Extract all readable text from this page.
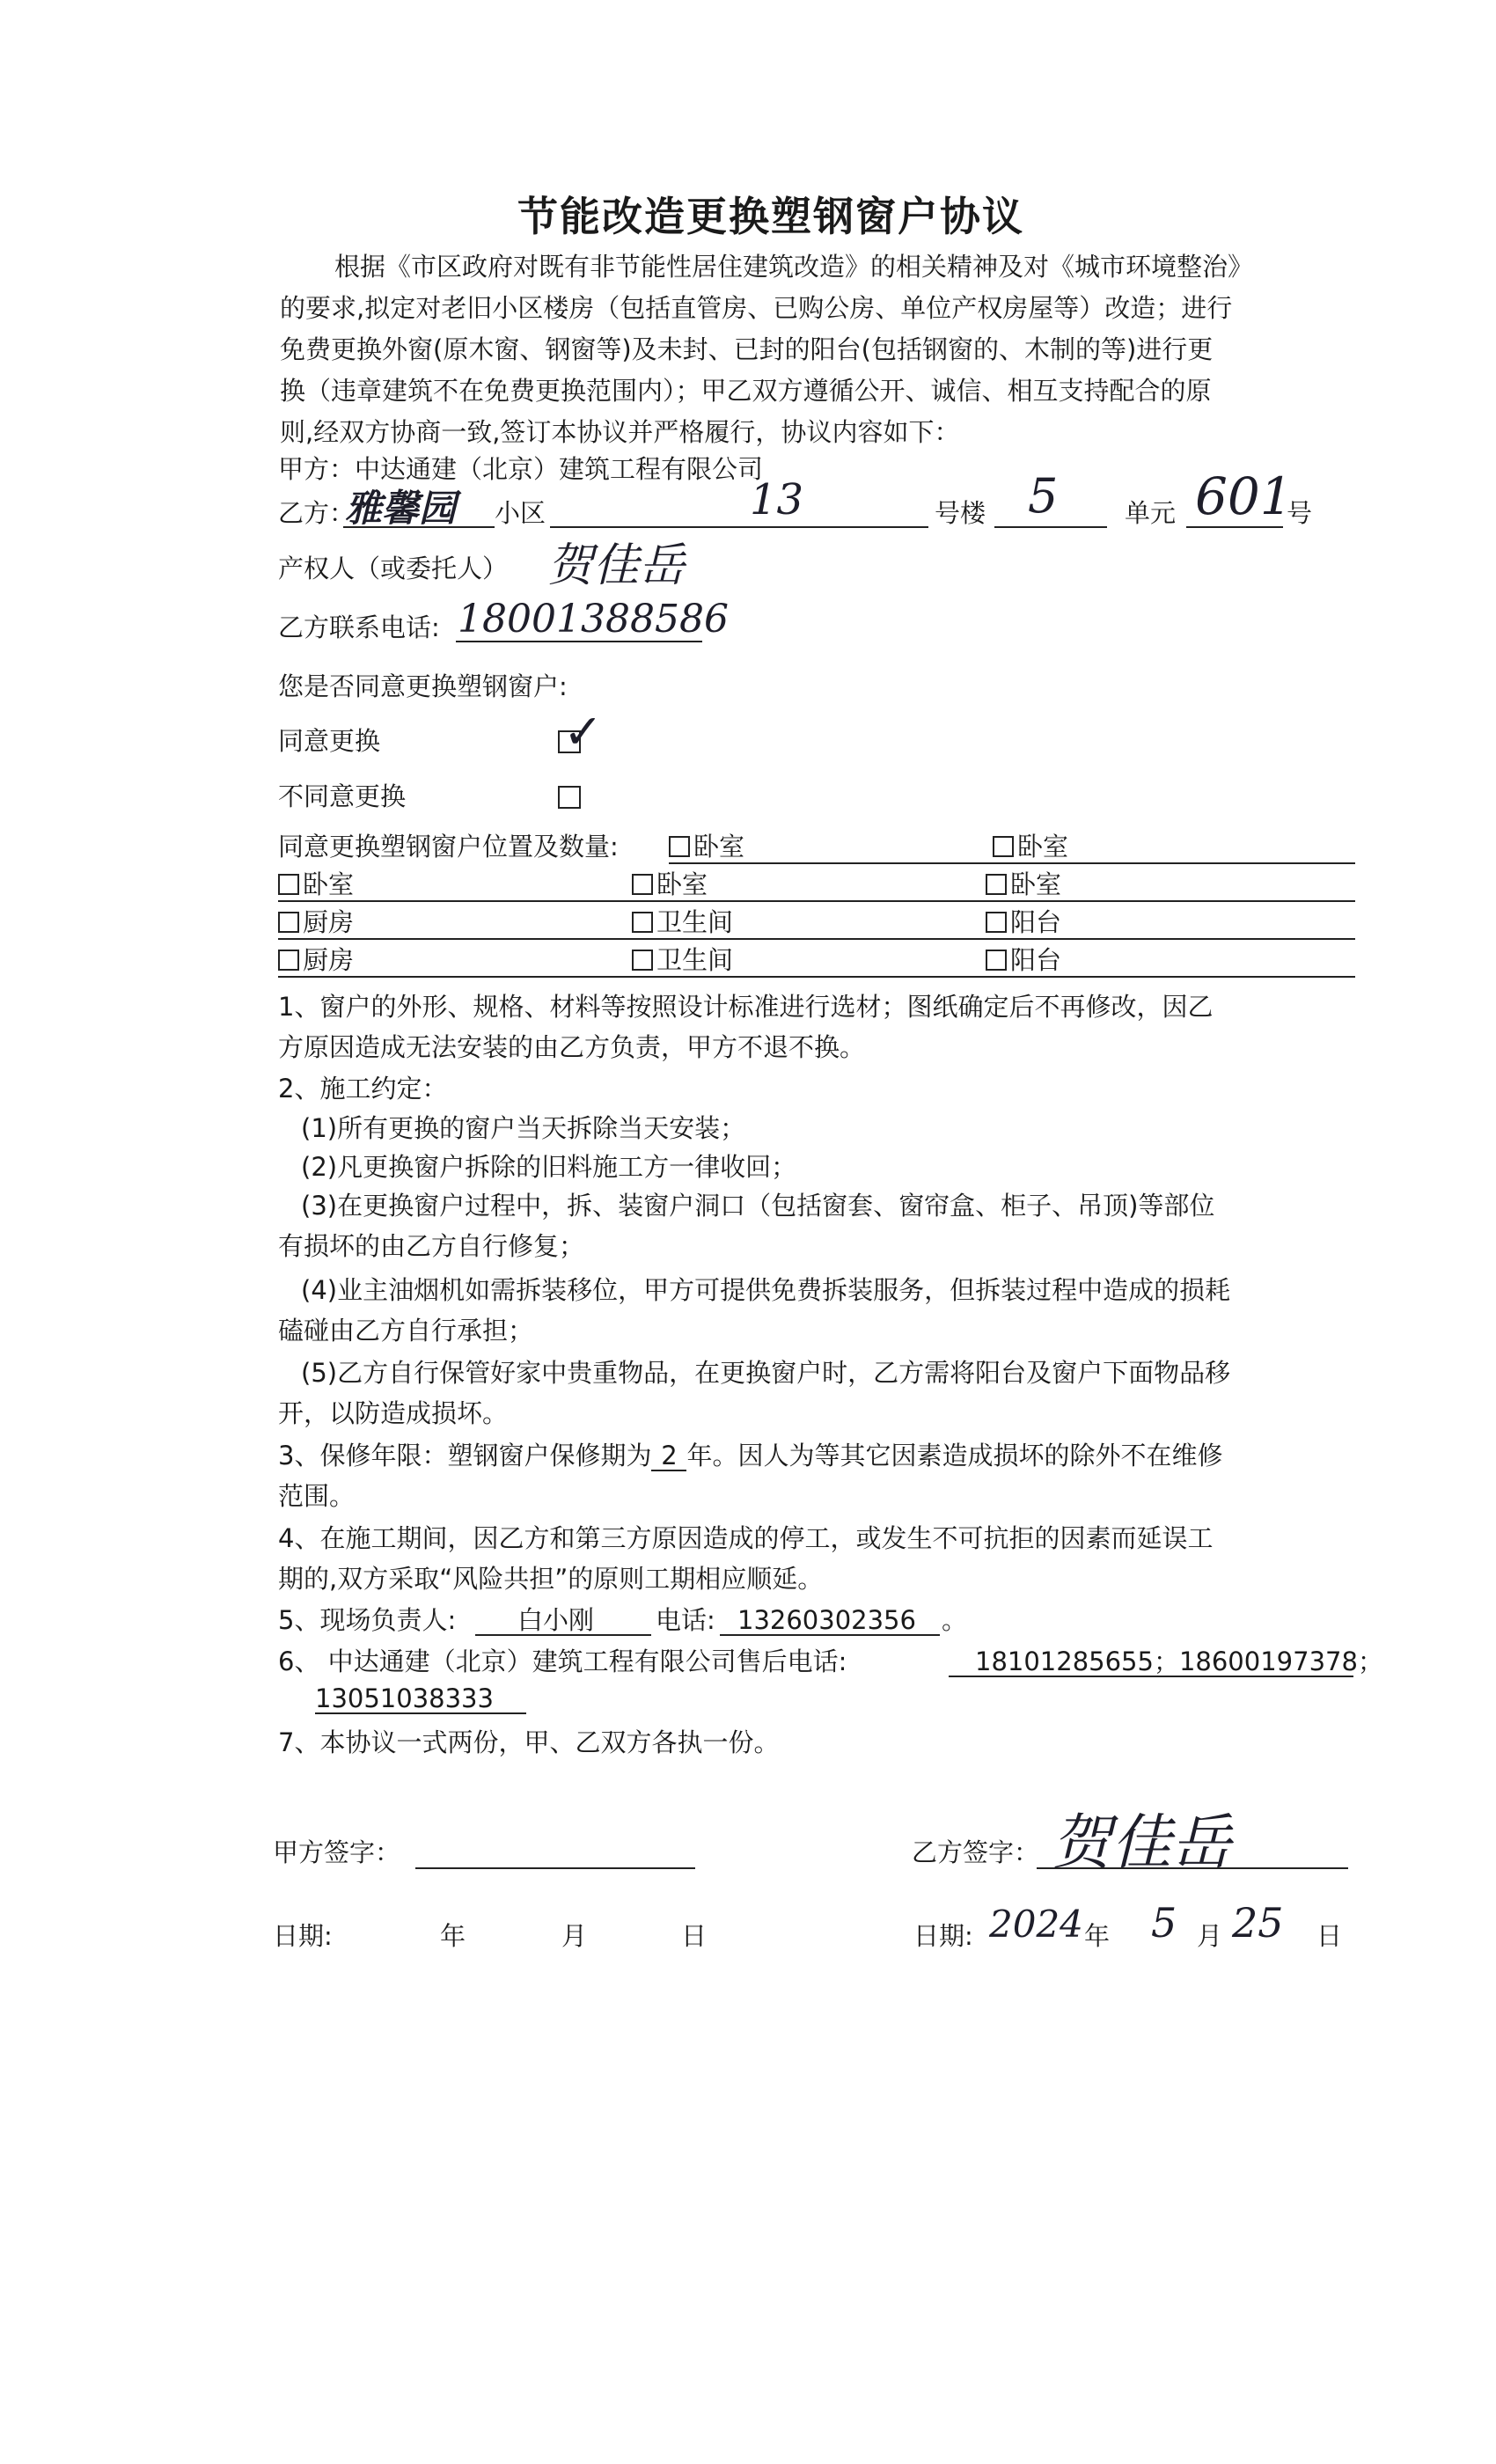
节能改造更换塑钢窗户协议
根据《市区政府对既有非节能性居住建筑改造》的相关精神及对《城市环境整治》
的要求,拟定对老旧小区楼房（包括直管房、已购公房、单位产权房屋等）改造；进行
免费更换外窗(原木窗、钢窗等)及未封、已封的阳台(包括钢窗的、木制的等)进行更
换（违章建筑不在免费更换范围内）；甲乙双方遵循公开、诚信、相互支持配合的原
则,经双方协商一致,签订本协议并严格履行，协议内容如下：
甲方：中达通建（北京）建筑工程有限公司
乙方：
雅馨园 小区	13	号楼 5	单元 601
号
产权人（或委托人） 贺佳岳
乙方联系电话: 18001388586
您是否同意更换塑钢窗户:
同意更换	✓
不同意更换
同意更换塑钢窗户位置及数量:	卧室	卧室
卧室	卧室	卧室
厨房	卫生间	阳台
厨房	卫生间	阳台
1、窗户的外形、规格、材料等按照设计标准进行选材；图纸确定后不再修改，因乙
方原因造成无法安装的由乙方负责，甲方不退不换。
2、施工约定：
(1)所有更换的窗户当天拆除当天安装；
(2)凡更换窗户拆除的旧料施工方一律收回；
(3)在更换窗户过程中，拆、装窗户洞口（包括窗套、窗帘盒、柜子、吊顶)等部位
有损坏的由乙方自行修复；
(4)业主油烟机如需拆装移位，甲方可提供免费拆装服务，但拆装过程中造成的损耗
磕碰由乙方自行承担；
(5)乙方自行保管好家中贵重物品，在更换窗户时，乙方需将阳台及窗户下面物品移
开，以防造成损坏。
3、保修年限：塑钢窗户保修期为 2 年。因人为等其它因素造成损坏的除外不在维修
范围。
4、在施工期间，因乙方和第三方原因造成的停工，或发生不可抗拒的因素而延误工
期的,双方采取“风险共担”的原则工期相应顺延。
5、现场负责人: 白小刚 电话: 13260302356 。
6、 中达通建（北京）建筑工程有限公司售后电话:	18101285655；18600197378；
13051038333
7、本协议一式两份，甲、乙双方各执一份。
甲方签字：	乙方签字： 贺佳岳
日期:	年	月	日	日期: 2024 年 5 月 25 日
